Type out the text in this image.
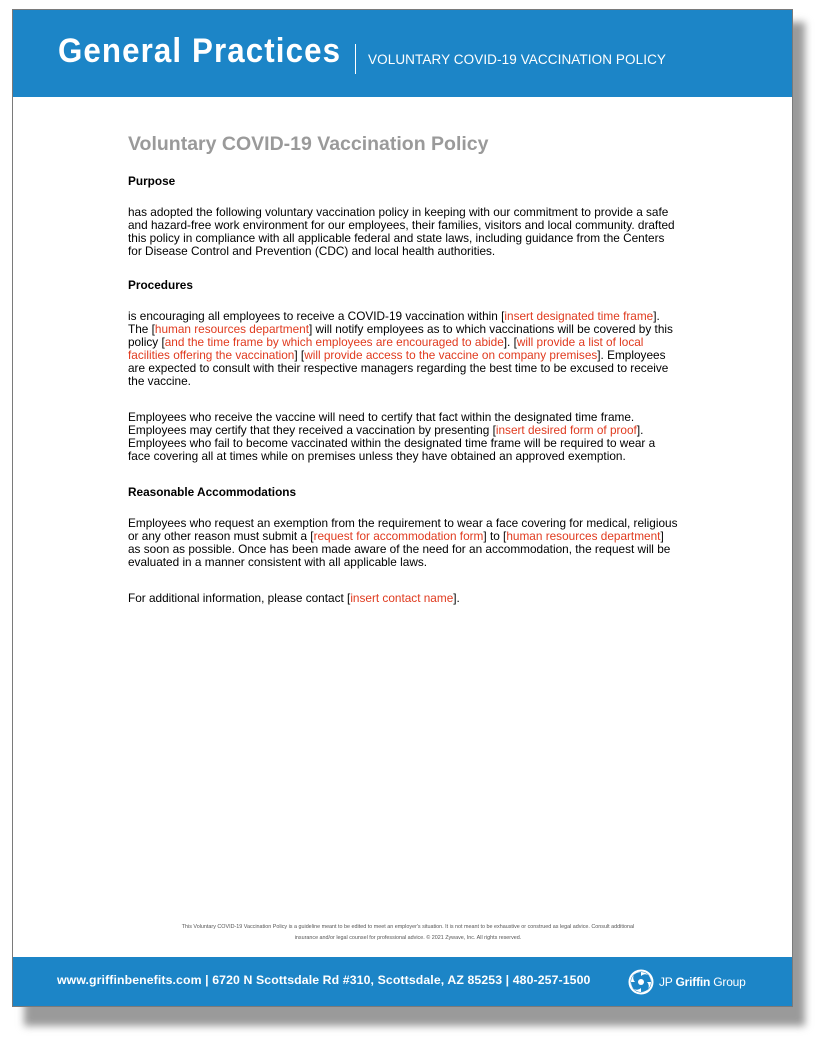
General Practices VOLUNTARY COVID-19 VACCINATION POLICY
Voluntary COVID-19 Vaccination Policy
Purpose

has adopted the following voluntary vaccination policy in keeping with our commitment to provide a safe and hazard-free work environment for our employees, their families, visitors and local community. drafted this policy in compliance with all applicable federal and state laws, including guidance from the Centers for Disease Control and Prevention (CDC) and local health authorities.

Procedures

is encouraging all employees to receive a COVID-19 vaccination within [insert designated time frame]. The [human resources department] will notify employees as to which vaccinations will be covered by this policy [and the time frame by which employees are encouraged to abide]. [will provide a list of local facilities offering the vaccination] [will provide access to the vaccine on company premises]. Employees are expected to consult with their respective managers regarding the best time to be excused to receive the vaccine.

Employees who receive the vaccine will need to certify that fact within the designated time frame. Employees may certify that they received a vaccination by presenting [insert desired form of proof]. Employees who fail to become vaccinated within the designated time frame will be required to wear a face covering all at times while on premises unless they have obtained an approved exemption.

Reasonable Accommodations

Employees who request an exemption from the requirement to wear a face covering for medical, religious or any other reason must submit a [request for accommodation form] to [human resources department] as soon as possible. Once has been made aware of the need for an accommodation, the request will be evaluated in a manner consistent with all applicable laws.

For additional information, please contact [insert contact name].

This Voluntary COVID-19 Vaccination Policy is a guideline meant to be edited to meet an employer's situation. It is not meant to be exhaustive or construed as legal advice. Consult additional
insurance and/or legal counsel for professional advice. © 2021 Zywave, Inc. All rights reserved.
www.griffinbenefits.com | 6720 N Scottsdale Rd #310, Scottsdale, AZ 85253 | 480-257-1500	JP Griffin Group
